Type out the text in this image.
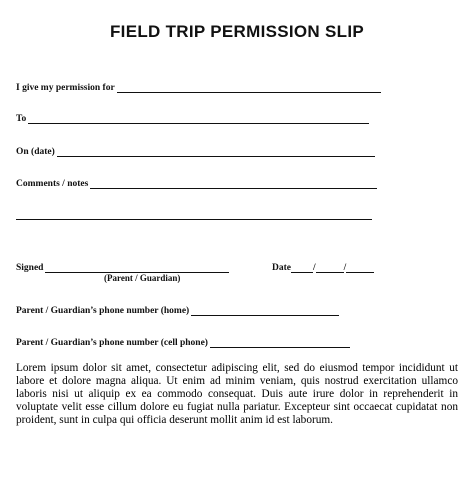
FIELD TRIP PERMISSION SLIP
I give my permission for
To
On (date)
Comments / notes
Signed
(Parent / Guardian)
Date /	/
Parent / Guardian’s phone number (home)
Parent / Guardian’s phone number (cell phone)
Lorem ipsum dolor sit amet, consectetur adipiscing elit, sed do eiusmod tempor incididunt ut labore et dolore magna aliqua. Ut enim ad minim veniam, quis nostrud exercitation ullamco laboris nisi ut aliquip ex ea commodo consequat. Duis aute irure dolor in reprehenderit in voluptate velit esse cillum dolore eu fugiat nulla pariatur. Excepteur sint occaecat cupidatat non proident, sunt in culpa qui officia deserunt mollit anim id est laborum.
